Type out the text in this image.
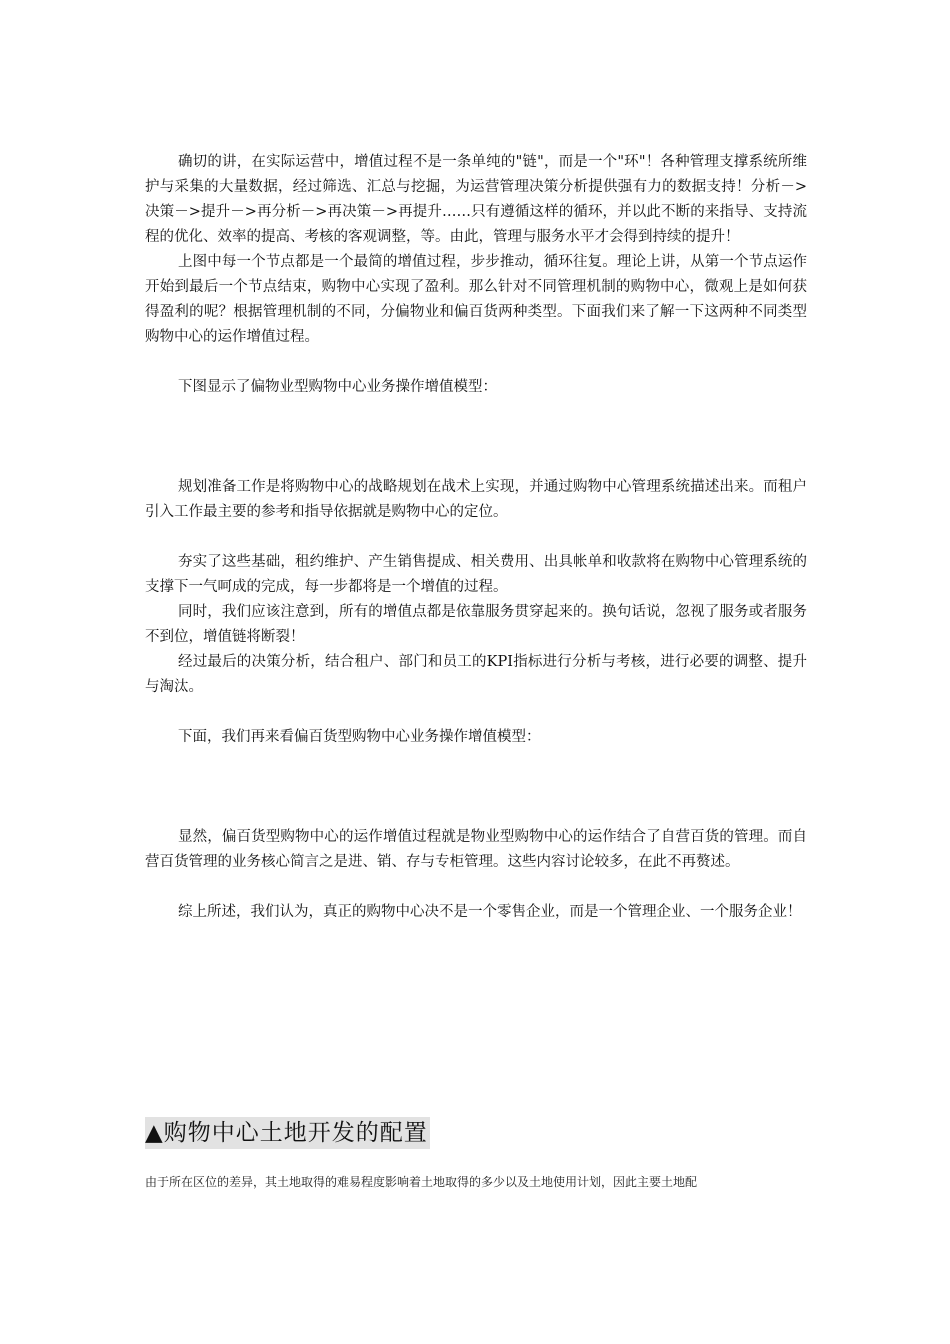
确切的讲，在实际运营中，增值过程不是一条单纯的"链"，而是一个"环"！各种管理支撑系统所维护与采集的大量数据，经过筛选、汇总与挖掘，为运营管理决策分析提供强有力的数据支持！分析－>决策－>提升－>再分析－>再决策－>再提升……只有遵循这样的循环，并以此不断的来指导、支持流程的优化、效率的提高、考核的客观调整，等。由此，管理与服务水平才会得到持续的提升！

上图中每一个节点都是一个最简的增值过程，步步推动，循环往复。理论上讲，从第一个节点运作开始到最后一个节点结束，购物中心实现了盈利。那么针对不同管理机制的购物中心，微观上是如何获得盈利的呢？根据管理机制的不同，分偏物业和偏百货两种类型。下面我们来了解一下这两种不同类型购物中心的运作增值过程。

下图显示了偏物业型购物中心业务操作增值模型：

规划准备工作是将购物中心的战略规划在战术上实现，并通过购物中心管理系统描述出来。而租户引入工作最主要的参考和指导依据就是购物中心的定位。

夯实了这些基础，租约维护、产生销售提成、相关费用、出具帐单和收款将在购物中心管理系统的支撑下一气呵成的完成，每一步都将是一个增值的过程。

同时，我们应该注意到，所有的增值点都是依靠服务贯穿起来的。换句话说，忽视了服务或者服务不到位，增值链将断裂！

经过最后的决策分析，结合租户、部门和员工的KPI指标进行分析与考核，进行必要的调整、提升与淘汰。

下面，我们再来看偏百货型购物中心业务操作增值模型：

显然，偏百货型购物中心的运作增值过程就是物业型购物中心的运作结合了自营百货的管理。而自营百货管理的业务核心简言之是进、销、存与专柜管理。这些内容讨论较多，在此不再赘述。

综上所述，我们认为，真正的购物中心决不是一个零售企业，而是一个管理企业、一个服务企业！

▲购物中心土地开发的配置
由于所在区位的差异，其土地取得的难易程度影响着土地取得的多少以及土地使用计划，因此主要土地配
